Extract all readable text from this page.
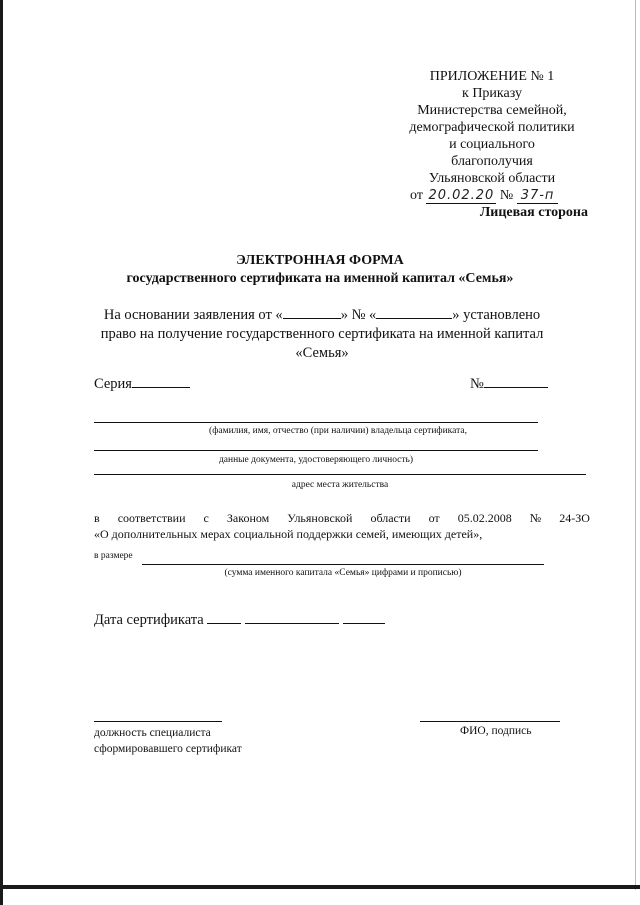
ПРИЛОЖЕНИЕ № 1
к Приказу
Министерства семейной,
демографической политики
и социального
благополучия
Ульяновской области
от 20.02.20 № 37-п
Лицевая сторона
ЭЛЕКТРОННАЯ ФОРМА
государственного сертификата на именной капитал «Семья»
На основании заявления от «	» № «	» установлено
право на получение государственного сертификата на именной капитал
«Семья»
Серия	№
(фамилия, имя, отчество (при наличии) владельца сертификата,
данные документа, удостоверяющего личность)
адрес места жительства
в соответствии с Законом Ульяновской области от 05.02.2008 № 24-ЗО
«О дополнительных мерах социальной поддержки семей, имеющих детей»,
в размере
(сумма именного капитала «Семья» цифрами и прописью)
Дата сертификата
должность специалиста
сформировавшего сертификат
ФИО, подпись
